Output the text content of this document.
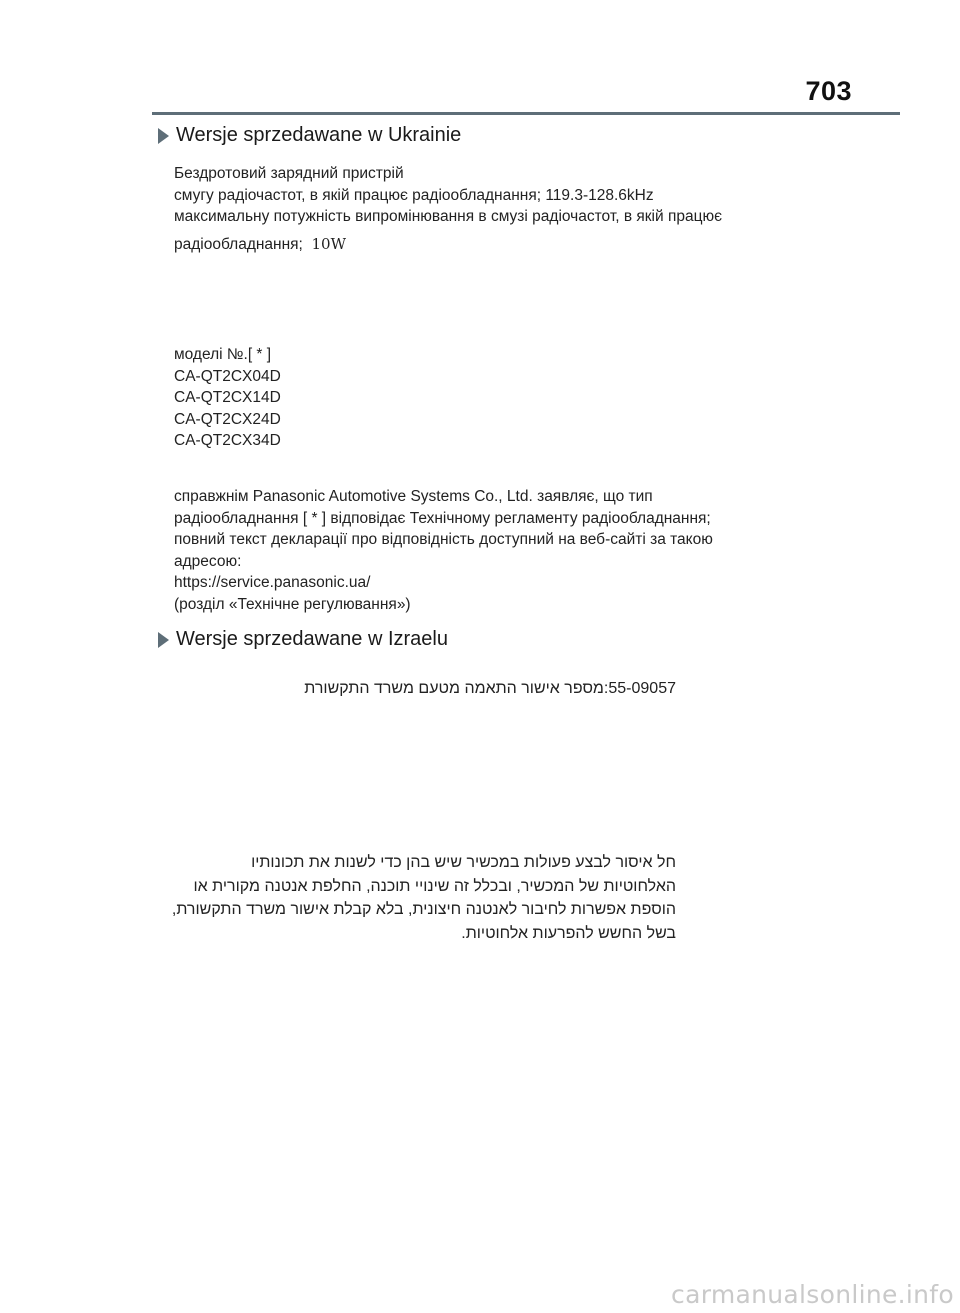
703
Wersje sprzedawane w Ukrainie
Бездротовий зарядний пристрій
смугу радіочастот, в якій працює радіообладнання; 119.3-128.6kHz
максимальну потужність випромінювання в смузі радіочастот, в якій працює
радіообладнання; 10W
моделі №.[ * ]
CA-QT2CX04D
CA-QT2CX14D
CA-QT2CX24D
CA-QT2CX34D
справжнім Panasonic Automotive Systems Co., Ltd. заявляє, що тип
радіообладнання [ * ] відповідає Технічному регламенту радіообладнання;
повний текст декларації про відповідність доступний на веб-сайті за такою
адресою:
https://service.panasonic.ua/
(розділ «Технічне регулювання»)
Wersje sprzedawane w Izraelu
55-09057:מספר אישור התאמה מטעם משרד התקשורת
חל איסור לבצע פעולות במכשיר שיש בהן כדי לשנות את תכונותיו
האלחוטיות של המכשיר, ובכלל זה שינויי תוכנה, החלפת אנטנה מקורית או
הוספת אפשרות לחיבור לאנטנה חיצונית, בלא קבלת אישור משרד התקשורת,
בשל החשש להפרעות אלחוטיות.
carmanualsonline.info
